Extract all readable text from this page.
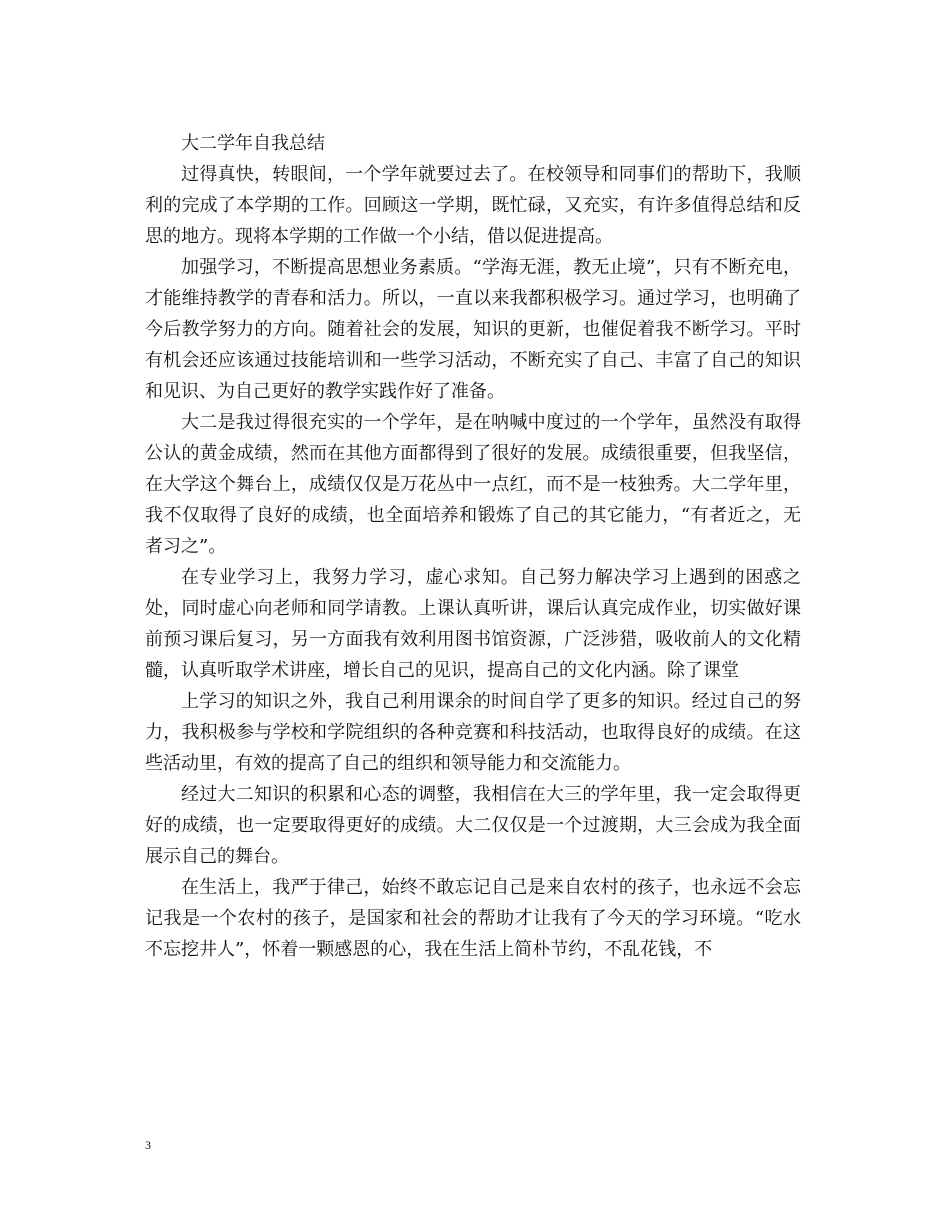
大二学年自我总结

过得真快，转眼间，一个学年就要过去了。在校领导和同事们的帮助下，我顺利的完成了本学期的工作。回顾这一学期，既忙碌，又充实，有许多值得总结和反思的地方。现将本学期的工作做一个小结，借以促进提高。

加强学习，不断提高思想业务素质。“学海无涯，教无止境”，只有不断充电，才能维持教学的青春和活力。所以，一直以来我都积极学习。通过学习，也明确了今后教学努力的方向。随着社会的发展，知识的更新，也催促着我不断学习。平时有机会还应该通过技能培训和一些学习活动，不断充实了自己、丰富了自己的知识和见识、为自己更好的教学实践作好了准备。

大二是我过得很充实的一个学年，是在呐喊中度过的一个学年，虽然没有取得公认的黄金成绩，然而在其他方面都得到了很好的发展。成绩很重要，但我坚信，在大学这个舞台上，成绩仅仅是万花丛中一点红，而不是一枝独秀。大二学年里，我不仅取得了良好的成绩，也全面培养和锻炼了自己的其它能力，“有者近之，无者习之”。

在专业学习上，我努力学习，虚心求知。自己努力解决学习上遇到的困惑之处，同时虚心向老师和同学请教。上课认真听讲，课后认真完成作业，切实做好课前预习课后复习，另一方面我有效利用图书馆资源，广泛涉猎，吸收前人的文化精髓，认真听取学术讲座，增长自己的见识，提高自己的文化内涵。除了课堂

上学习的知识之外，我自己利用课余的时间自学了更多的知识。经过自己的努力，我积极参与学校和学院组织的各种竞赛和科技活动，也取得良好的成绩。在这些活动里，有效的提高了自己的组织和领导能力和交流能力。

经过大二知识的积累和心态的调整，我相信在大三的学年里，我一定会取得更好的成绩，也一定要取得更好的成绩。大二仅仅是一个过渡期，大三会成为我全面展示自己的舞台。

在生活上，我严于律己，始终不敢忘记自己是来自农村的孩子，也永远不会忘记我是一个农村的孩子，是国家和社会的帮助才让我有了今天的学习环境。“吃水不忘挖井人”，怀着一颗感恩的心，我在生活上简朴节约，不乱花钱，不

3
